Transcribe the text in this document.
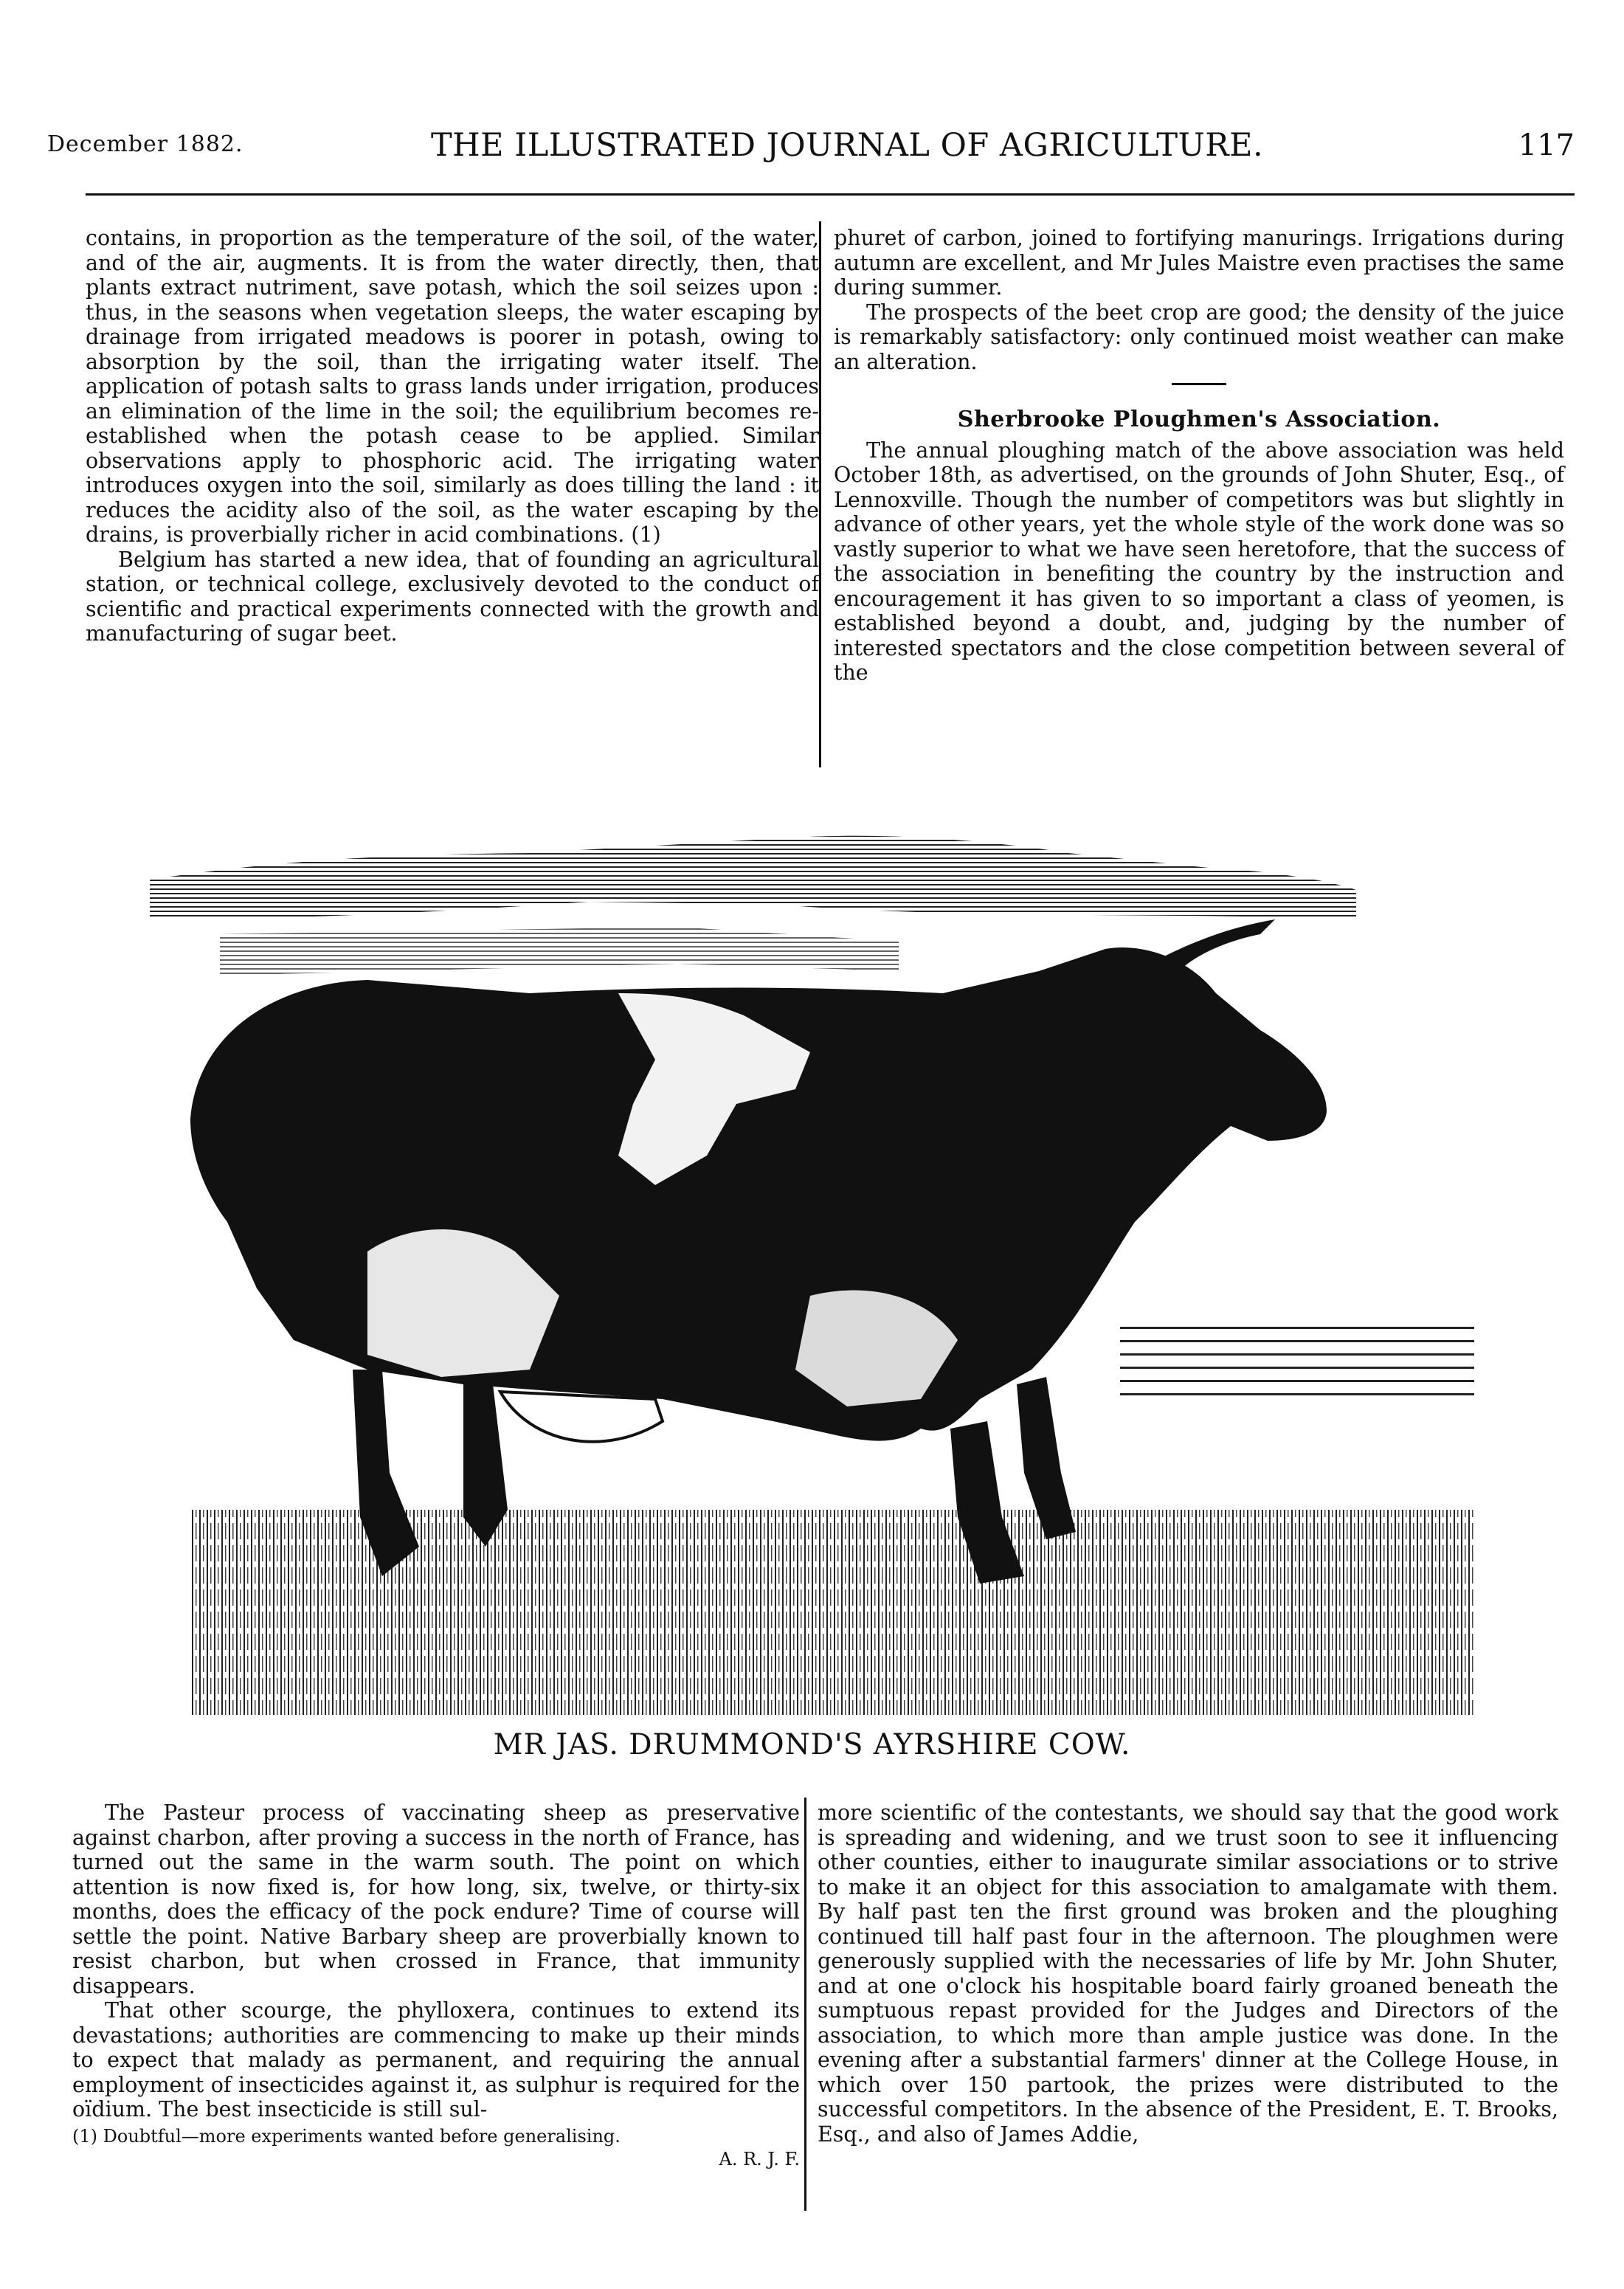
December 1882.	THE ILLUSTRATED JOURNAL OF AGRICULTURE.	117

contains, in proportion as the temperature of the soil, of the water, and of the air, augments. It is from the water directly, then, that plants extract nutriment, save potash, which the soil seizes upon : thus, in the seasons when vegetation sleeps, the water escaping by drainage from irrigated meadows is poorer in potash, owing to absorption by the soil, than the irrigating water itself. The application of potash salts to grass lands under irrigation, produces an elimination of the lime in the soil; the equilibrium becomes re-established when the potash cease to be applied. Similar observations apply to phosphoric acid. The irrigating water introduces oxygen into the soil, similarly as does tilling the land : it reduces the acidity also of the soil, as the water escaping by the drains, is proverbially richer in acid combinations. (1)

Belgium has started a new idea, that of founding an agricultural station, or technical college, exclusively devoted to the conduct of scientific and practical experiments connected with the growth and manufacturing of sugar beet.

phuret of carbon, joined to fortifying manurings. Irrigations during autumn are excellent, and Mr Jules Maistre even practises the same during summer.

The prospects of the beet crop are good; the density of the juice is remarkably satisfactory: only continued moist weather can make an alteration.

Sherbrooke Ploughmen's Association.

The annual ploughing match of the above association was held October 18th, as advertised, on the grounds of John Shuter, Esq., of Lennoxville. Though the number of competitors was but slightly in advance of other years, yet the whole style of the work done was so vastly superior to what we have seen heretofore, that the success of the association in benefiting the country by the instruction and encouragement it has given to so important a class of yeomen, is established beyond a doubt, and, judging by the number of interested spectators and the close competition between several of the

MR JAS. DRUMMOND'S AYRSHIRE COW.

The Pasteur process of vaccinating sheep as preservative against charbon, after proving a success in the north of France, has turned out the same in the warm south. The point on which attention is now fixed is, for how long, six, twelve, or thirty-six months, does the efficacy of the pock endure? Time of course will settle the point. Native Barbary sheep are proverbially known to resist charbon, but when crossed in France, that immunity disappears.

That other scourge, the phylloxera, continues to extend its devastations; authorities are commencing to make up their minds to expect that malady as permanent, and requiring the annual employment of insecticides against it, as sulphur is required for the oïdium. The best insecticide is still sul-

(1) Doubtful—more experiments wanted before generalising.

A. R. J. F.

more scientific of the contestants, we should say that the good work is spreading and widening, and we trust soon to see it influencing other counties, either to inaugurate similar associations or to strive to make it an object for this association to amalgamate with them. By half past ten the first ground was broken and the ploughing continued till half past four in the afternoon. The ploughmen were generously supplied with the necessaries of life by Mr. John Shuter, and at one o'clock his hospitable board fairly groaned beneath the sumptuous repast provided for the Judges and Directors of the association, to which more than ample justice was done. In the evening after a substantial farmers' dinner at the College House, in which over 150 partook, the prizes were distributed to the successful competitors. In the absence of the President, E. T. Brooks, Esq., and also of James Addie,
